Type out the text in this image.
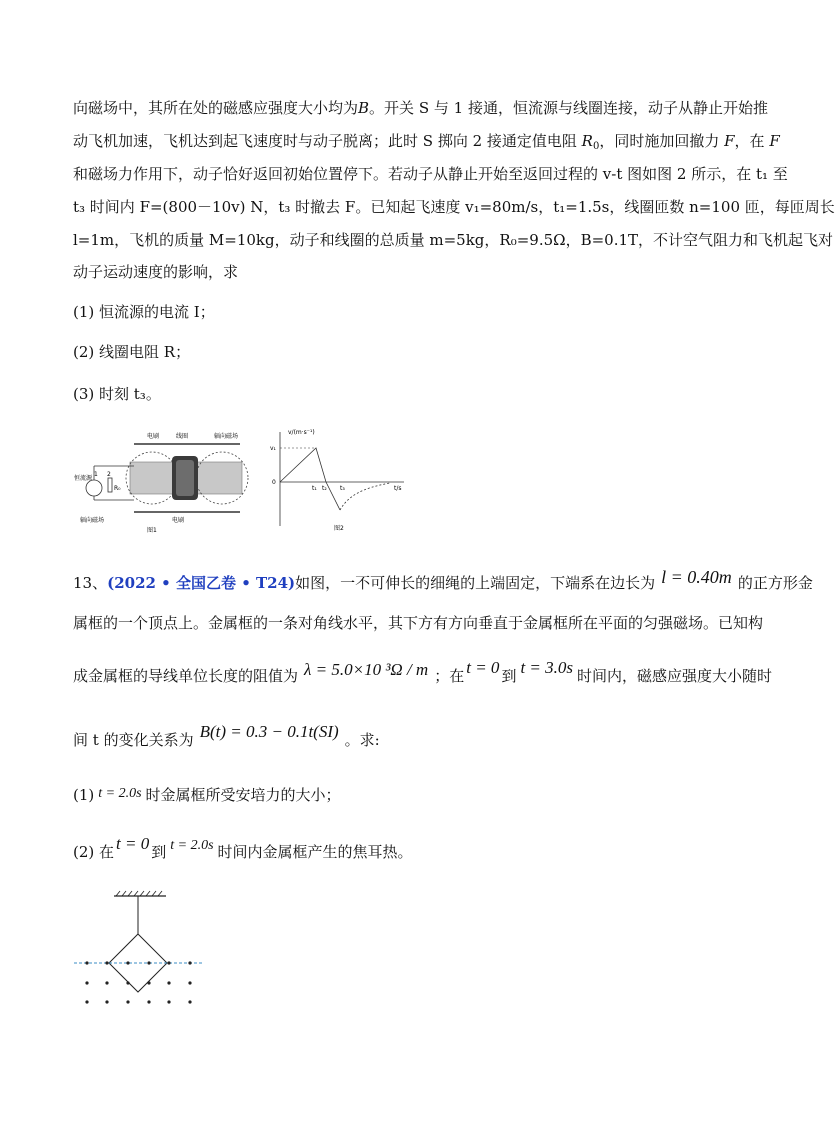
向磁场中，其所在处的磁感应强度大小均为B。开关 S 与 1 接通，恒流源与线圈连接，动子从静止开始推
动飞机加速，飞机达到起飞速度时与动子脱离；此时 S 掷向 2 接通定值电阻 $R_0$，同时施加回撤力 F，在 F
和磁场力作用下，动子恰好返回初始位置停下。若动子从静止开始至返回过程的 v-t 图如图 2 所示，在 t₁ 至
t₃ 时间内 F=(800－10v) N，t₃ 时撤去 F。已知起飞速度 v₁=80m/s，t₁=1.5s，线圈匝数 n=100 匝，每匝周长
l=1m，飞机的质量 M=10kg，动子和线圈的总质量 m=5kg，R₀=9.5Ω，B=0.1T，不计空气阻力和飞机起飞对
动子运动速度的影响，求
(1) 恒流源的电流 I；
(2) 线圈电阻 R；
(3) 时刻 t₃。
电刷	线圈	辐向磁场
1 2
R₀
恒流源
辐向磁场	电刷
图1
v/(m·s⁻¹)
v₁
0
t₁ t₂ t₃	t/s
图2
13、(2022 • 全国乙卷 • T24)如图，一不可伸长的细绳的上端固定，下端系在边长为 l = 0.40m 的正方形金
属框的一个顶点上。金属框的一条对角线水平，其下方有方向垂直于金属框所在平面的匀强磁场。已知构
成金属框的导线单位长度的阻值为 λ = 5.0×10 ³Ω / m ；在 t = 0 到 t = 3.0s 时间内，磁感应强度大小随时
间 t 的变化关系为 B(t) = 0.3 − 0.1t(SI) 。求:
(1) t = 2.0s 时金属框所受安培力的大小；
(2) 在 t = 0 到 t = 2.0s 时间内金属框产生的焦耳热。
